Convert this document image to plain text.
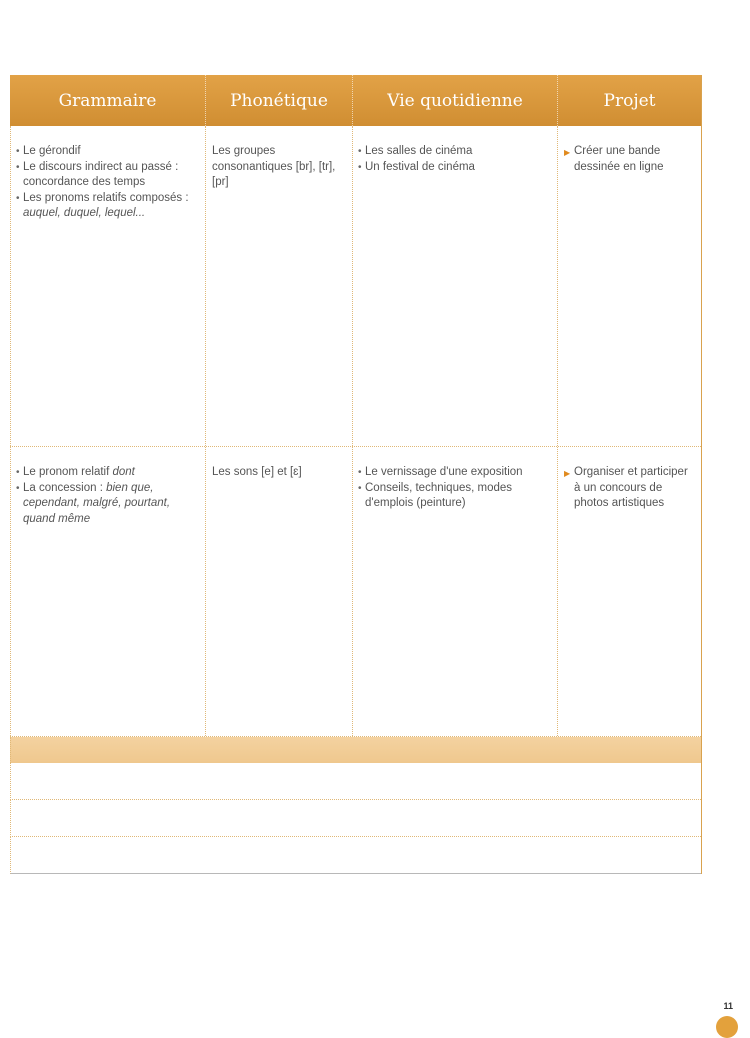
Grammaire	Phonétique	Vie quotidienne	Projet
• Le gérondif
• Le discours indirect au passé : concordance des temps
• Les pronoms relatifs composés :
auquel, duquel, lequel...
Les groupes consonantiques [br], [tr], [pr]
• Les salles de cinéma
• Un festival de cinéma
▶ Créer une bande dessinée en ligne
• Le pronom relatif dont
• La concession : bien que, cependant, malgré, pourtant, quand même
Les sons [e] et [ɛ]
•	Le vernissage d'une exposition
• Conseils, techniques, modes d'emplois (peinture)
▶ Organiser et participer à un concours de photos artistiques
11
